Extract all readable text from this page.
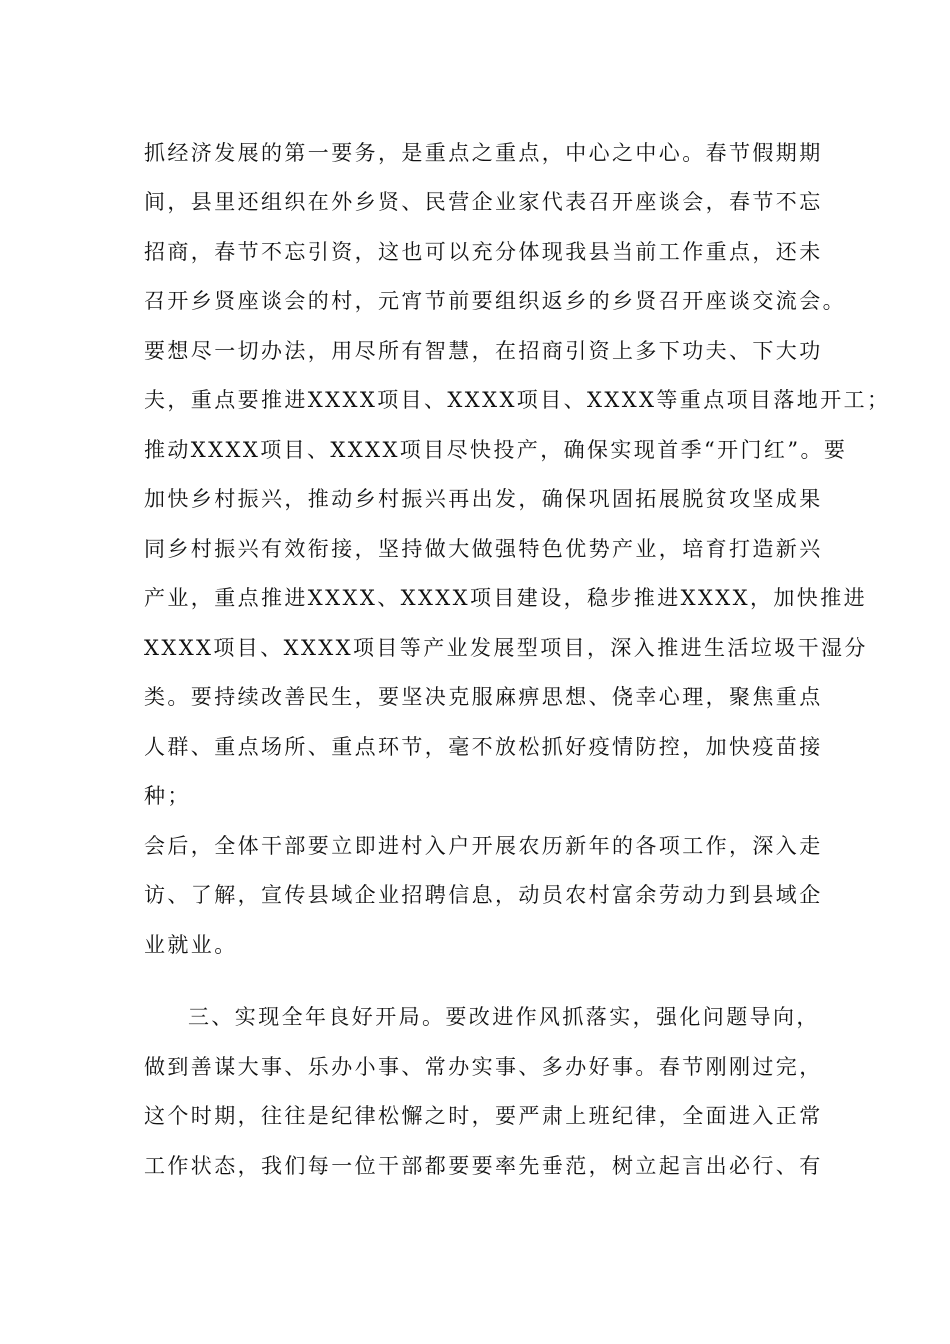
抓经济发展的第一要务，是重点之重点，中心之中心。春节假期期
间，县里还组织在外乡贤、民营企业家代表召开座谈会，春节不忘
招商，春节不忘引资，这也可以充分体现我县当前工作重点，还未
召开乡贤座谈会的村，元宵节前要组织返乡的乡贤召开座谈交流会。
要想尽一切办法，用尽所有智慧，在招商引资上多下功夫、下大功
夫，重点要推进XXXX项目、XXXX项目、XXXX等重点项目落地开工；
推动XXXX项目、XXXX项目尽快投产，确保实现首季“开门红”。要
加快乡村振兴，推动乡村振兴再出发，确保巩固拓展脱贫攻坚成果
同乡村振兴有效衔接，坚持做大做强特色优势产业，培育打造新兴
产业，重点推进XXXX、XXXX项目建设，稳步推进XXXX，加快推进
XXXX项目、XXXX项目等产业发展型项目，深入推进生活垃圾干湿分
类。要持续改善民生，要坚决克服麻痹思想、侥幸心理，聚焦重点
人群、重点场所、重点环节，毫不放松抓好疫情防控，加快疫苗接
种；
会后，全体干部要立即进村入户开展农历新年的各项工作，深入走
访、了解，宣传县域企业招聘信息，动员农村富余劳动力到县域企
业就业。
三、实现全年良好开局。要改进作风抓落实，强化问题导向，
做到善谋大事、乐办小事、常办实事、多办好事。春节刚刚过完，
这个时期，往往是纪律松懈之时，要严肃上班纪律，全面进入正常
工作状态，我们每一位干部都要要率先垂范，树立起言出必行、有
